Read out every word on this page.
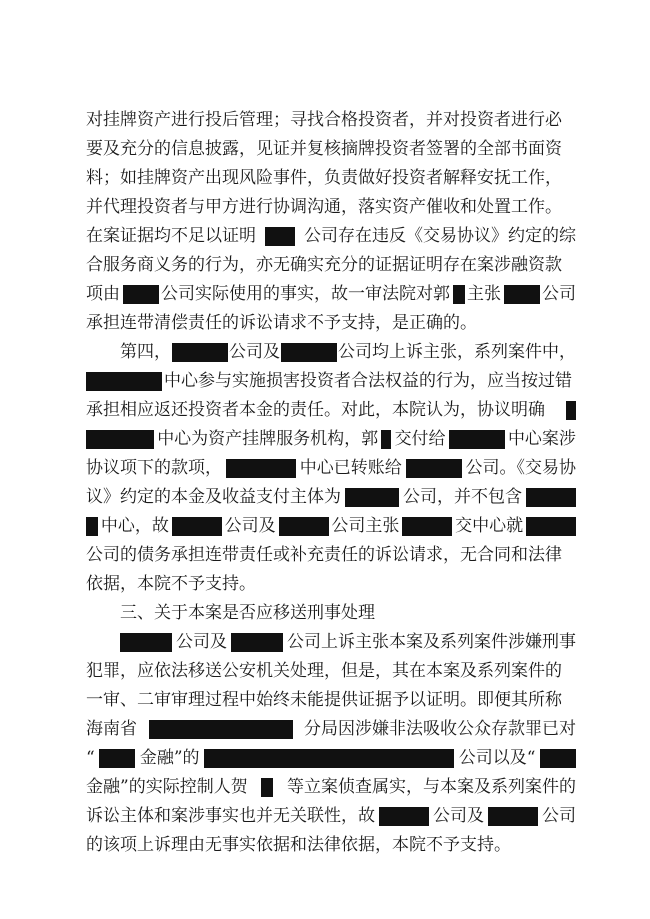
对挂牌资产进行投后管理；寻找合格投资者，并对投资者进行必
要及充分的信息披露，见证并复核摘牌投资者签署的全部书面资
料；如挂牌资产出现风险事件，负责做好投资者解释安抚工作，
并代理投资者与甲方进行协调沟通，落实资产催收和处置工作。
在案证据均不足以证明	公司存在违反《交易协议》约定的综
合服务商义务的行为，亦无确实充分的证据证明存在案涉融资款
项由 公司实际使用的事实，故一审法院对郭 主张 公司
承担连带清偿责任的诉讼请求不予支持，是正确的。
第四，	公司及	公司均上诉主张，系列案件中，
中心参与实施损害投资者合法权益的行为，应当按过错
承担相应返还投资者本金的责任。对此，本院认为，协议明确
中心为资产挂牌服务机构，郭 交付给	中心案涉
协议项下的款项，	中心已转账给	公司。《交易协
议》约定的本金及收益支付主体为	公司，并不包含
中心，故	公司及	公司主张	交中心就
公司的债务承担连带责任或补充责任的诉讼请求，无合同和法律
依据，本院不予支持。
三、关于本案是否应移送刑事处理
公司及	公司上诉主张本案及系列案件涉嫌刑事
犯罪，应依法移送公安机关处理，但是，其在本案及系列案件的
一审、二审审理过程中始终未能提供证据予以证明。即便其所称
海南省	分局因涉嫌非法吸收公众存款罪已对
“	金融”的	公司以及“
金融”的实际控制人贺 等立案侦查属实，与本案及系列案件的
诉讼主体和案涉事实也并无关联性，故	公司及	公司
的该项上诉理由无事实依据和法律依据，本院不予支持。
